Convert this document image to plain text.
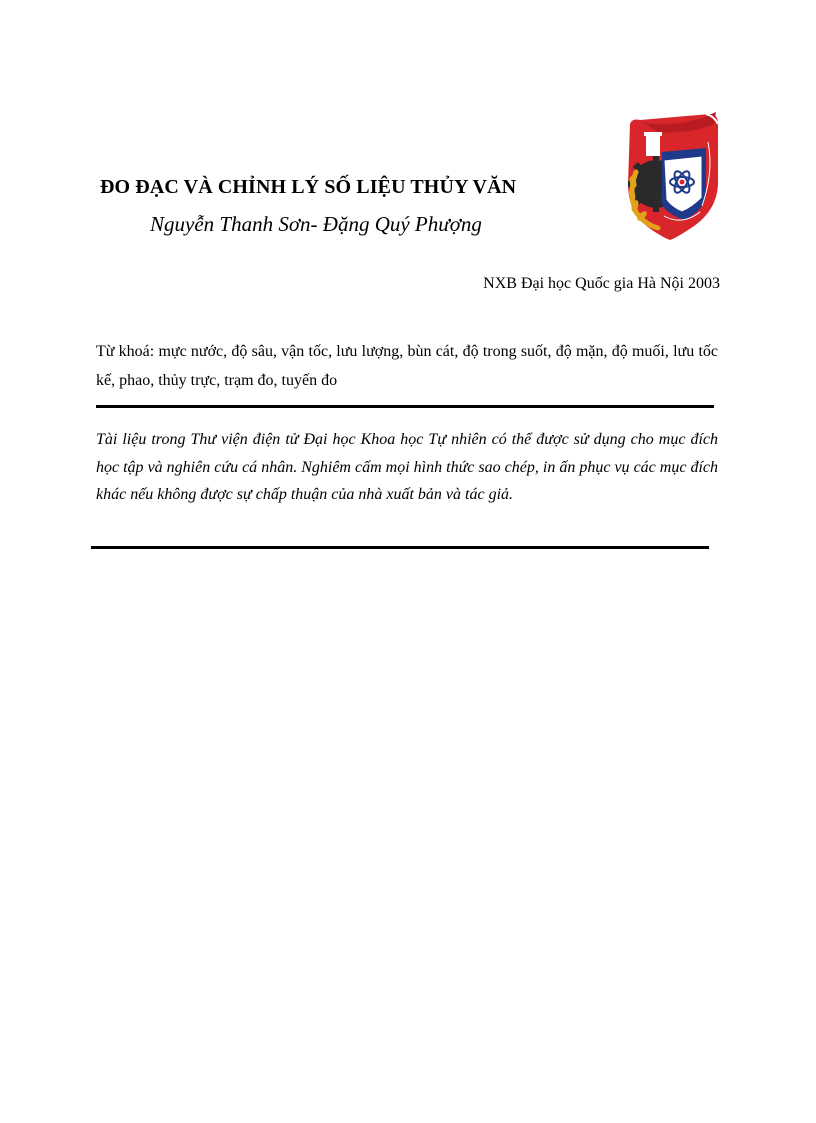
ĐO ĐẠC VÀ CHỈNH LÝ SỐ LIỆU THỦY VĂN
Nguyễn Thanh Sơn- Đặng Quý Phượng
NXB Đại học Quốc gia Hà Nội 2003
Từ khoá: mực nước, độ sâu, vận tốc, lưu lượng, bùn cát, độ trong suốt, độ mặn, độ muối, lưu tốc kế, phao, thủy trực, trạm đo, tuyến đo
Tài liệu trong Thư viện điện tử Đại học Khoa học Tự nhiên có thể được sử dụng cho mục đích học tập và nghiên cứu cá nhân. Nghiêm cấm mọi hình thức sao chép, in ấn phục vụ các mục đích khác nếu không được sự chấp thuận của nhà xuất bản và tác giả.
